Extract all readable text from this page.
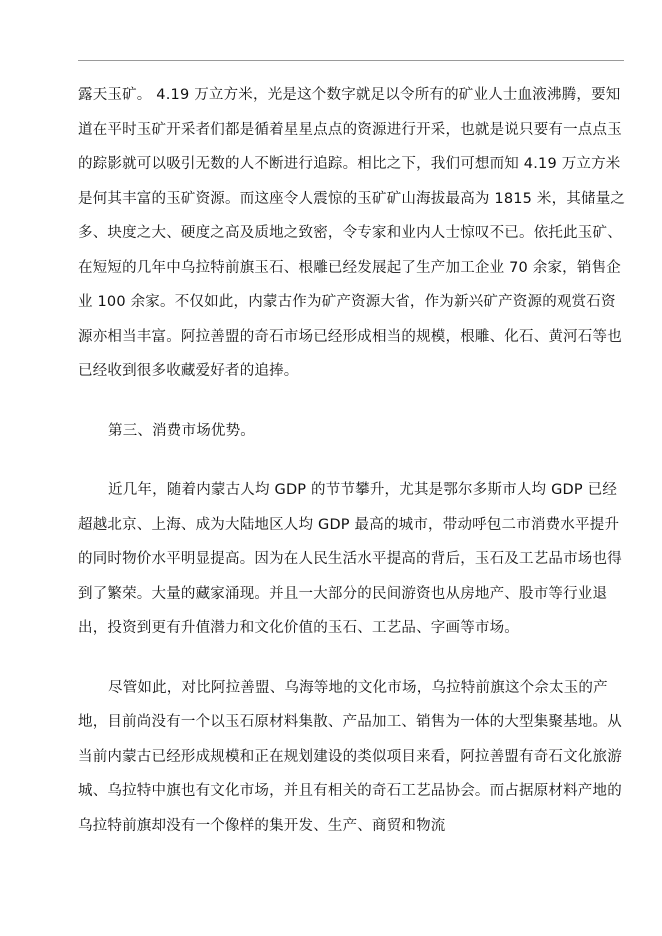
露天玉矿。 4.19 万立方米，光是这个数字就足以令所有的矿业人士血液沸腾，要知道在平时玉矿开采者们都是循着星星点点的资源进行开采，也就是说只要有一点点玉的踪影就可以吸引无数的人不断进行追踪。相比之下，我们可想而知 4.19 万立方米是何其丰富的玉矿资源。而这座令人震惊的玉矿矿山海拔最高为 1815 米，其储量之多、块度之大、硬度之高及质地之致密，令专家和业内人士惊叹不已。依托此玉矿、在短短的几年中乌拉特前旗玉石、根雕已经发展起了生产加工企业 70 余家，销售企业 100 余家。不仅如此，内蒙古作为矿产资源大省，作为新兴矿产资源的观赏石资源亦相当丰富。阿拉善盟的奇石市场已经形成相当的规模，根雕、化石、黄河石等也已经收到很多收藏爱好者的追捧。

第三、消费市场优势。

近几年，随着内蒙古人均 GDP 的节节攀升，尤其是鄂尔多斯市人均 GDP 已经超越北京、上海、成为大陆地区人均 GDP 最高的城市，带动呼包二市消费水平提升的同时物价水平明显提高。因为在人民生活水平提高的背后，玉石及工艺品市场也得到了繁荣。大量的藏家涌现。并且一大部分的民间游资也从房地产、股市等行业退出，投资到更有升值潜力和文化价值的玉石、工艺品、字画等市场。

尽管如此，对比阿拉善盟、乌海等地的文化市场，乌拉特前旗这个佘太玉的产地，目前尚没有一个以玉石原材料集散、产品加工、销售为一体的大型集聚基地。从当前内蒙古已经形成规模和正在规划建设的类似项目来看，阿拉善盟有奇石文化旅游城、乌拉特中旗也有文化市场，并且有相关的奇石工艺品协会。而占据原材料产地的乌拉特前旗却没有一个像样的集开发、生产、商贸和物流
